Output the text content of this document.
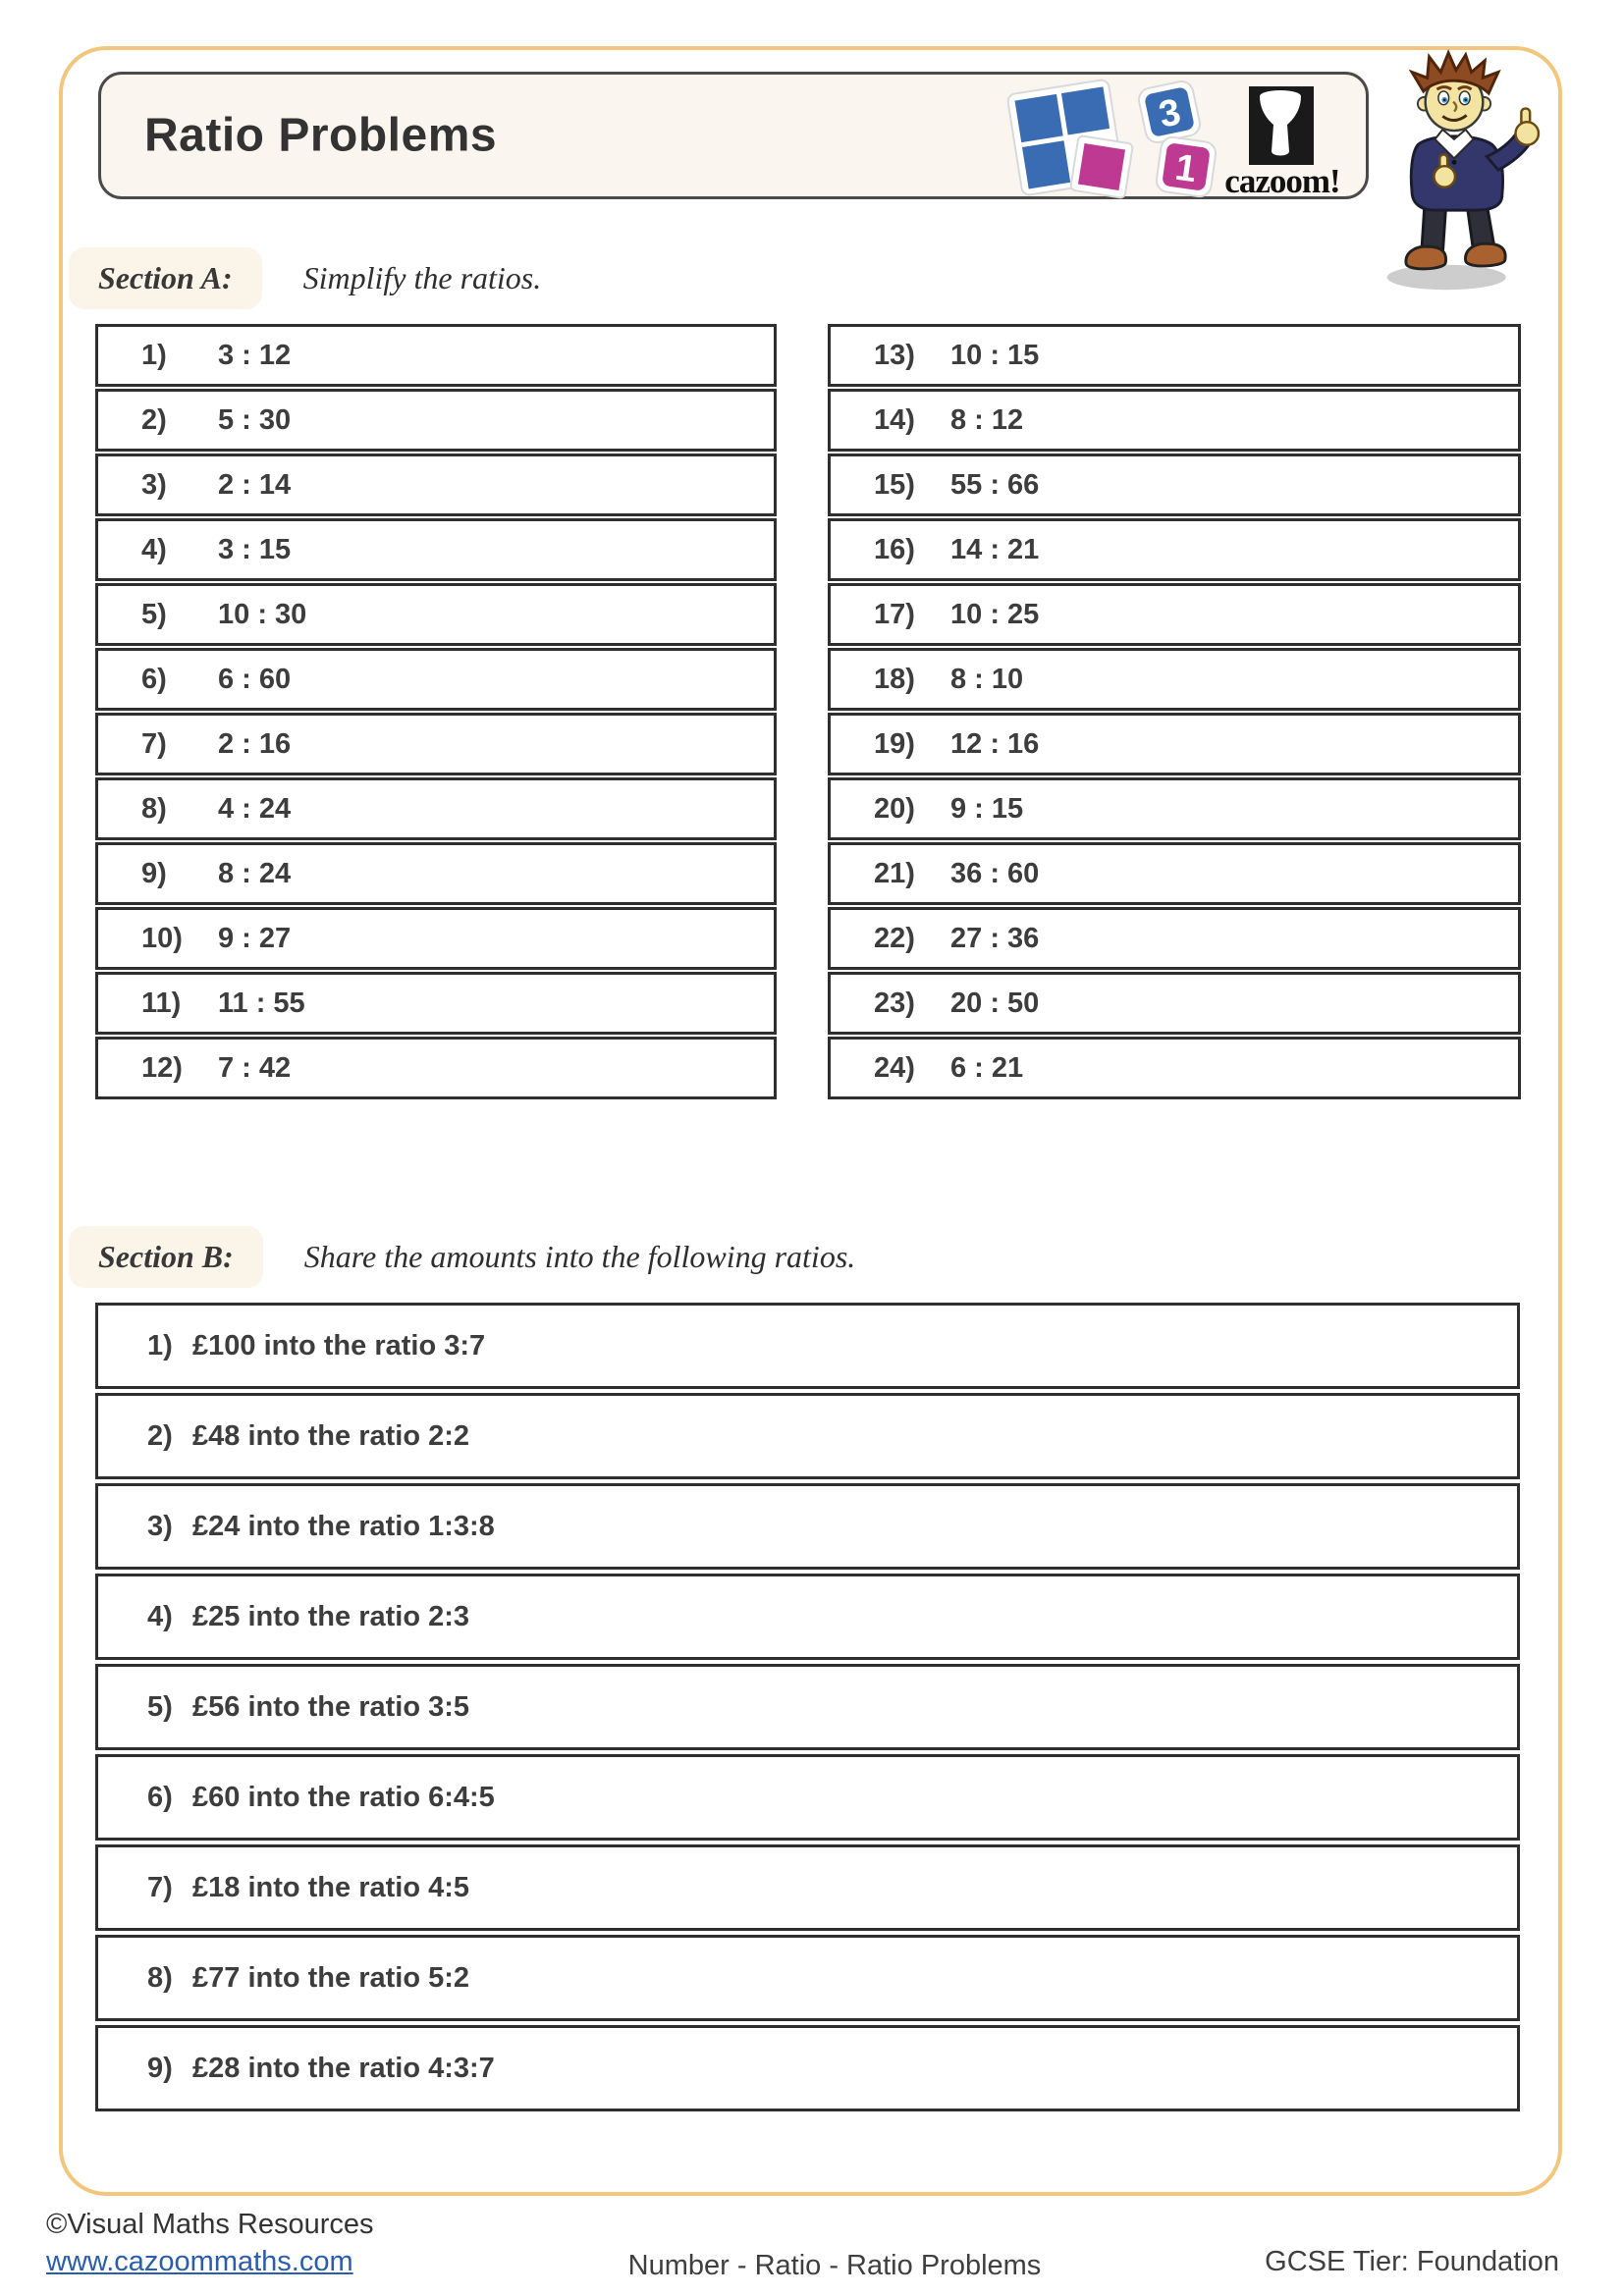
Ratio Problems	3
1 cazoom!
Section A:	Simplify the ratios.
1)	3 : 12
2)	5 : 30
3)	2 : 14
4)	3 : 15
5)	10 : 30
6)	6 : 60
7)	2 : 16
8)	4 : 24
9)	8 : 24
10)	9 : 27
11)	11 : 55
12)	7 : 42
13)	10 : 15
14)	8 : 12
15)	55 : 66
16)	14 : 21
17)	10 : 25
18)	8 : 10
19)	12 : 16
20)	9 : 15
21)	36 : 60
22)	27 : 36
23)	20 : 50
24)	6 : 21
Section B:	Share the amounts into the following ratios.
1) £100 into the ratio 3:7
2) £48 into the ratio 2:2
3) £24 into the ratio 1:3:8
4) £25 into the ratio 2:3
5) £56 into the ratio 3:5
6) £60 into the ratio 6:4:5
7) £18 into the ratio 4:5
8) £77 into the ratio 5:2
9) £28 into the ratio 4:3:7
©Visual Maths Resources
www.cazoommaths.com	Number - Ratio - Ratio Problems	GCSE Tier: Foundation
